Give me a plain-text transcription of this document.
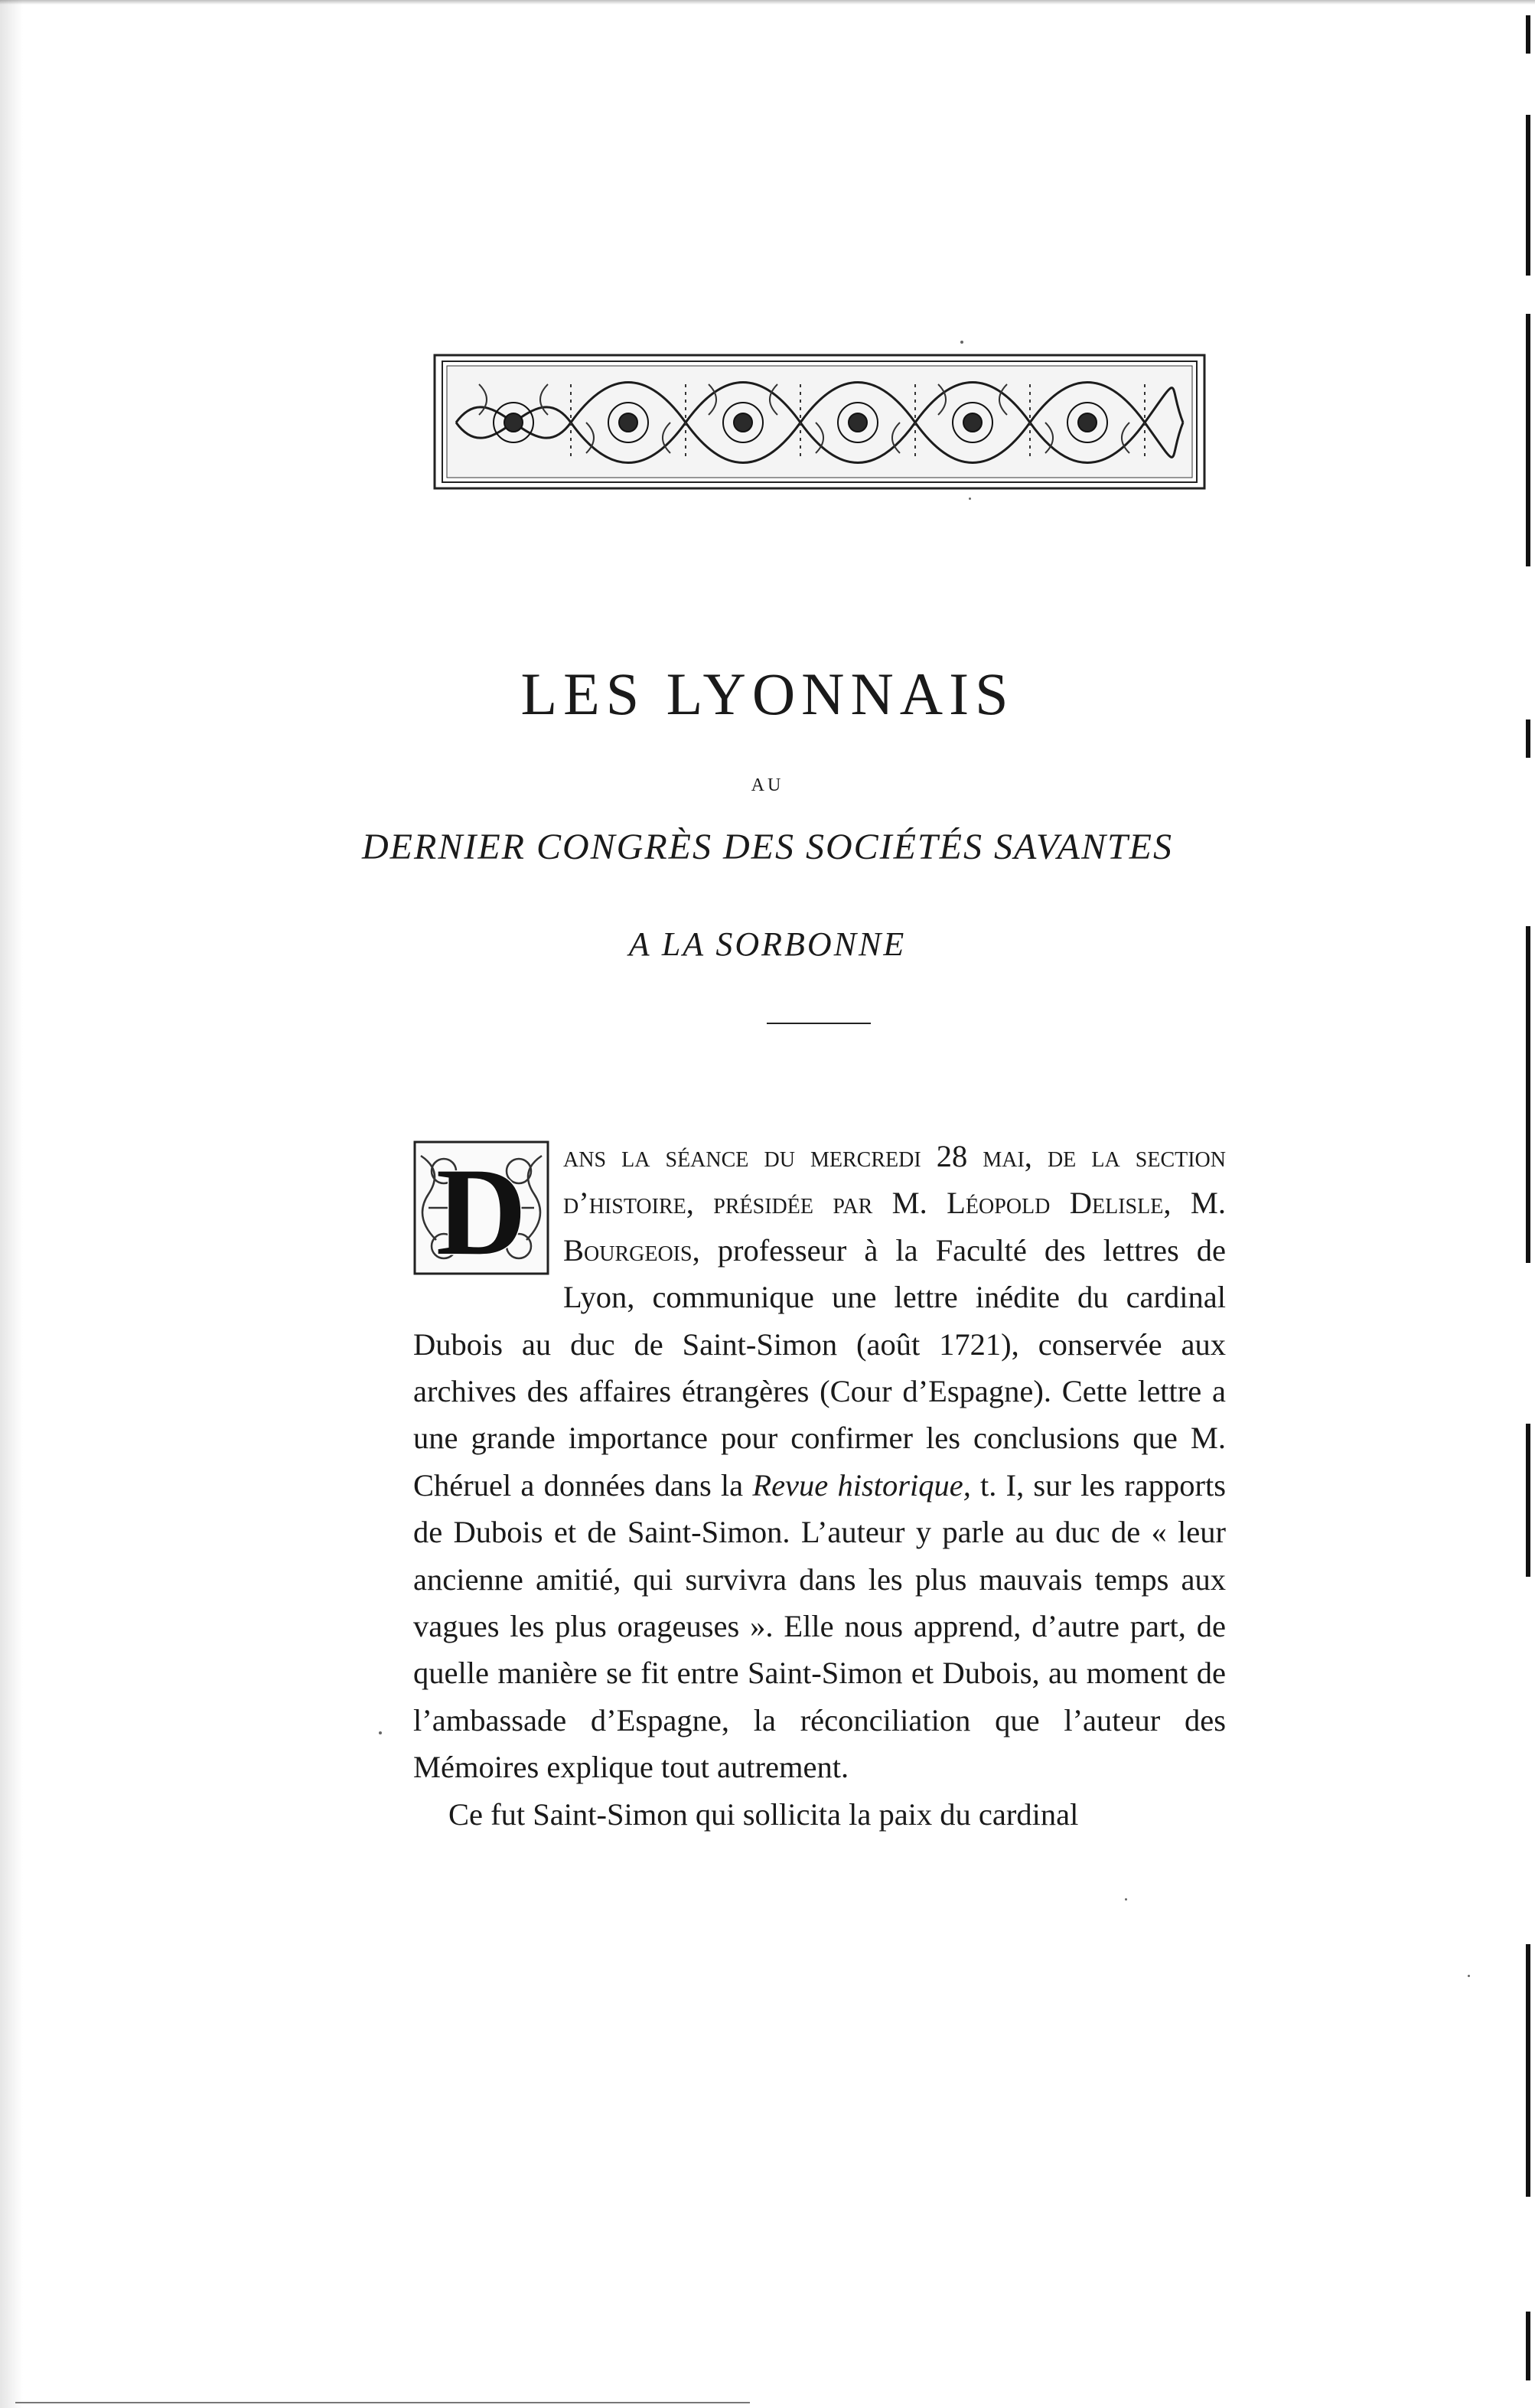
LES LYONNAIS
AU
DERNIER CONGRÈS DES SOCIÉTÉS SAVANTES
A LA SORBONNE

D ans la séance du mercredi 28 mai, de la section d’histoire, présidée par M. Léopold Delisle, M. Bourgeois, professeur à la Faculté des lettres de Lyon, communique une lettre inédite du cardinal Dubois au duc de Saint-Simon (août 1721), conservée aux archives des affaires étrangères (Cour d’Espagne). Cette lettre a une grande importance pour confirmer les conclusions que M. Chéruel a données dans la Revue historique, t. I, sur les rapports de Dubois et de Saint-Simon. L’auteur y parle au duc de « leur ancienne amitié, qui survivra dans les plus mauvais temps aux vagues les plus orageuses ». Elle nous apprend, d’autre part, de quelle manière se fit entre Saint-Simon et Dubois, au moment de l’ambassade d’Espagne, la réconciliation que l’auteur des Mémoires explique tout autrement.

Ce fut Saint-Simon qui sollicita la paix du cardinal
